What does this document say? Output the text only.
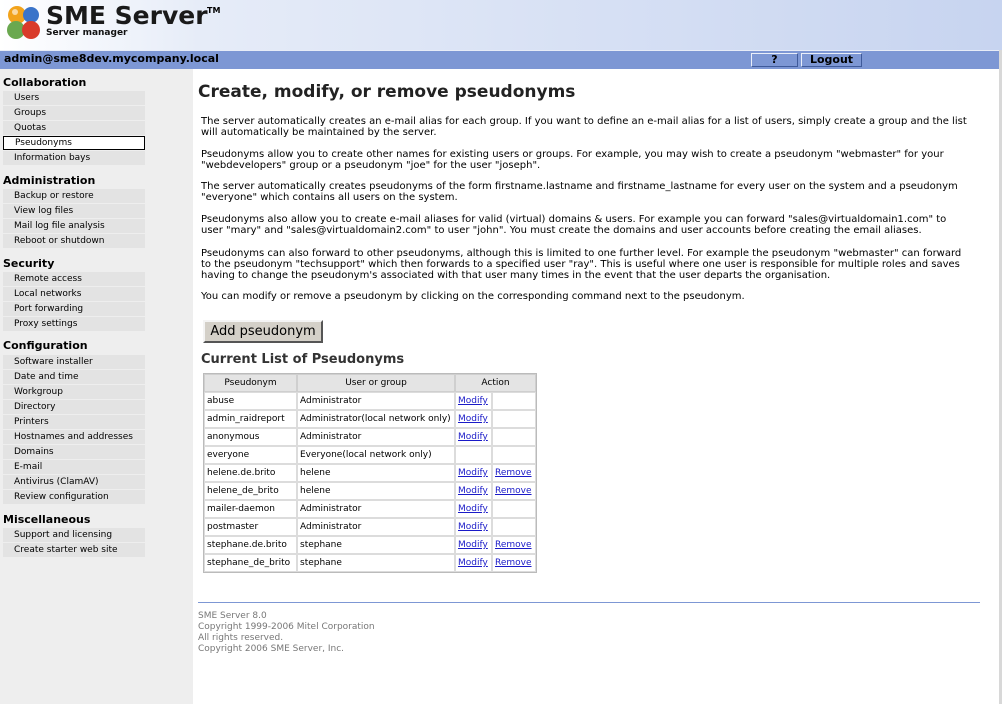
SME Server TM
Server manager
admin@sme8dev.mycompany.local	?	Logout
Collaboration
Users
Groups
Quotas
Pseudonyms
Information bays
Administration
Backup or restore
View log files
Mail log file analysis
Reboot or shutdown
Security
Remote access
Local networks
Port forwarding
Proxy settings
Configuration
Software installer
Date and time
Workgroup
Directory
Printers
Hostnames and addresses
Domains
E-mail
Antivirus (ClamAV)
Review configuration
Miscellaneous
Support and licensing
Create starter web site
Create, modify, or remove pseudonyms

The server automatically creates an e-mail alias for each group. If you want to define an e-mail alias for a list of users, simply create a group and the list will automatically be maintained by the server.

Pseudonyms allow you to create other names for existing users or groups. For example, you may wish to create a pseudonym "webmaster" for your "webdevelopers" group or a pseudonym "joe" for the user "joseph".

The server automatically creates pseudonyms of the form firstname.lastname and firstname_lastname for every user on the system and a pseudonym "everyone" which contains all users on the system.

Pseudonyms also allow you to create e-mail aliases for valid (virtual) domains & users. For example you can forward "sales@virtualdomain1.com" to user "mary" and "sales@virtualdomain2.com" to user "john". You must create the domains and user accounts before creating the email aliases.

Pseudonyms can also forward to other pseudonyms, although this is limited to one further level. For example the pseudonym "webmaster" can forward to the pseudonym "techsupport" which then forwards to a specified user "ray". This is useful where one user is responsible for multiple roles and saves having to change the pseudonym's associated with that user many times in the event that the user departs the organisation.

You can modify or remove a pseudonym by clicking on the corresponding command next to the pseudonym.

Add pseudonym
Current List of Pseudonyms
Pseudonym	User or group	Action	
abuse	Administrator	Modify	
admin_raidreport	Administrator(local network only)	Modify	
anonymous	Administrator	Modify	
everyone	Everyone(local network only)		
helene.de.brito	helene	Modify	Remove
helene_de_brito	helene	Modify	Remove
mailer-daemon	Administrator	Modify	
postmaster	Administrator	Modify	
stephane.de.brito	stephane	Modify	Remove
stephane_de_brito	stephane	Modify	Remove
SME Server 8.0
Copyright 1999-2006 Mitel Corporation
All rights reserved.
Copyright 2006 SME Server, Inc.
